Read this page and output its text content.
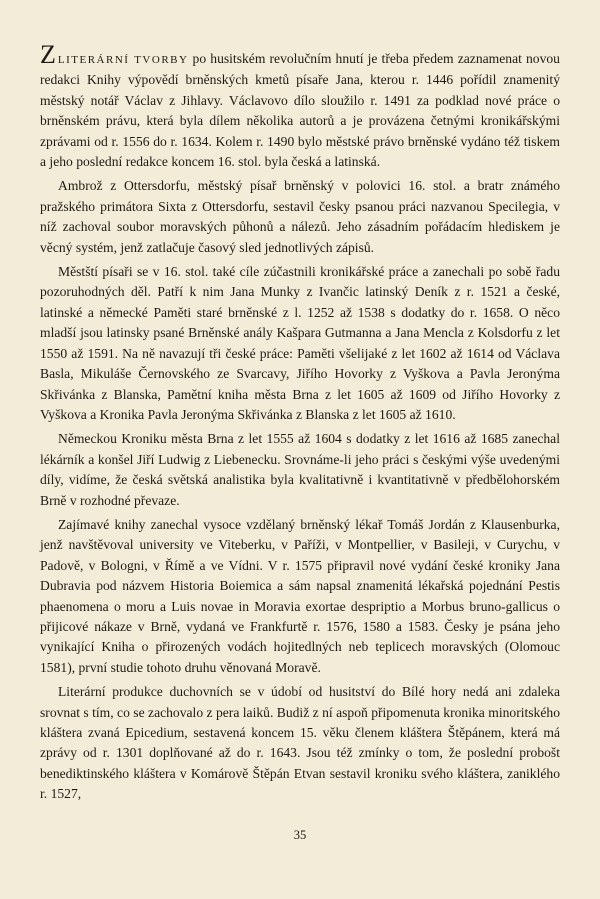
ZLITERÁRNÍ TVORBY po husitském revolučním hnutí je třeba předem zaznamenat novou redakci Knihy výpovědí brněnských kmetů písaře Jana, kterou r. 1446 pořídil znamenitý městský notář Václav z Jihlavy. Václavovo dílo sloužilo r. 1491 za podklad nové práce o brněnském právu, která byla dílem několika autorů a je provázena četnými kronikářskými zprávami od r. 1556 do r. 1634. Kolem r. 1490 bylo městské právo brněnské vydáno též tiskem a jeho poslední redakce koncem 16. stol. byla česká a latinská.

Ambrož z Ottersdorfu, městský písař brněnský v polovici 16. stol. a bratr známého pražského primátora Sixta z Ottersdorfu, sestavil česky psanou práci nazvanou Specilegia, v níž zachoval soubor moravských půhonů a nálezů. Jeho zásadním pořádacím hlediskem je věcný systém, jenž zatlačuje časový sled jednotlivých zápisů.

Městští písaři se v 16. stol. také cíle zúčastnili kronikářské práce a zanechali po sobě řadu pozoruhodných děl. Patří k nim Jana Munky z Ivančic latinský Deník z r. 1521 a české, latinské a německé Paměti staré brněnské z l. 1252 až 1538 s dodatky do r. 1658. O něco mladší jsou latinsky psané Brněnské anály Kašpara Gutmanna a Jana Mencla z Kolsdorfu z let 1550 až 1591. Na ně navazují tři české práce: Paměti všelijaké z let 1602 až 1614 od Václava Basla, Mikuláše Černovského ze Svarcavy, Jiřího Hovorky z Vyškova a Pavla Jeronýma Skřivánka z Blanska, Pamětní kniha města Brna z let 1605 až 1609 od Jiřího Hovorky z Vyškova a Kronika Pavla Jeronýma Skřivánka z Blanska z let 1605 až 1610.

Německou Kroniku města Brna z let 1555 až 1604 s dodatky z let 1616 až 1685 zanechal lékárník a konšel Jiří Ludwig z Liebenecku. Srovnáme-li jeho práci s českými výše uvedenými díly, vidíme, že česká světská analistika byla kvalitativně i kvantitativně v předbělohorském Brně v rozhodné převaze.

Zajímavé knihy zanechal vysoce vzdělaný brněnský lékař Tomáš Jordán z Klausenburka, jenž navštěvoval university ve Viteberku, v Paříži, v Montpellier, v Basileji, v Curychu, v Padově, v Bologni, v Římě a ve Vídni. V r. 1575 připravil nové vydání české kroniky Jana Dubravia pod názvem Historia Boiemica a sám napsal znamenitá lékařská pojednání Pestis phaenomena o moru a Luis novae in Moravia exortae despriptio a Morbus bruno-gallicus o přijicové nákaze v Brně, vydaná ve Frankfurtě r. 1576, 1580 a 1583. Česky je psána jeho vynikající Kniha o přirozených vodách hojitedlných neb teplicech moravských (Olomouc 1581), první studie tohoto druhu věnovaná Moravě.

Literární produkce duchovních se v údobí od husitství do Bílé hory nedá ani zdaleka srovnat s tím, co se zachovalo z pera laiků. Budiž z ní aspoň připomenuta kronika minoritského kláštera zvaná Epicedium, sestavená koncem 15. věku členem kláštera Štěpánem, která má zprávy od r. 1301 doplňované až do r. 1643. Jsou též zmínky o tom, že poslední probošt benediktinského kláštera v Komárově Štěpán Etvan sestavil kroniku svého kláštera, zaniklého r. 1527,

35
